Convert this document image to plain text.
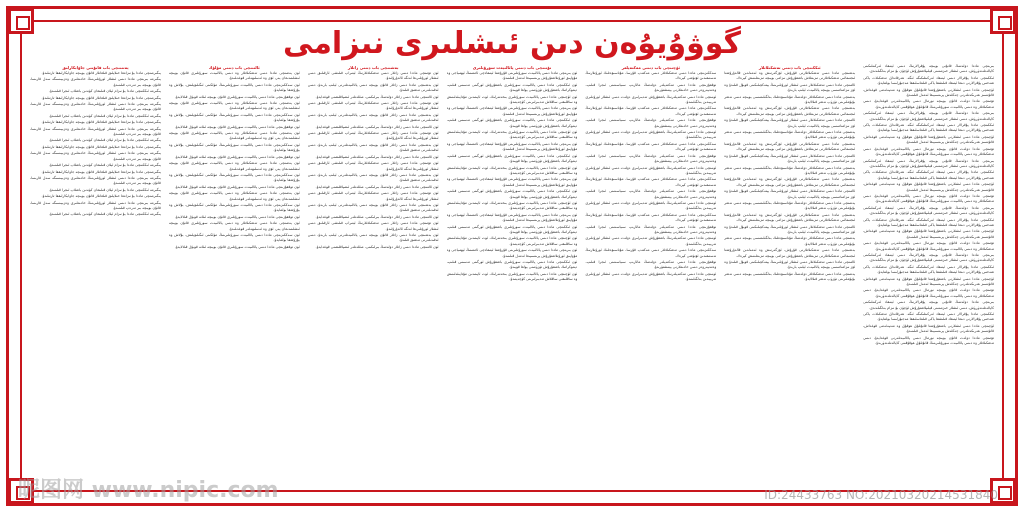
گوۋۇيۇەن دىن ئىشلىرى نىزامى
بىرىنچى ماددا دۆلەتنىڭ قانۇنى بويىچە پۇقرالارنىڭ دىنىي ئېتىقاد ئەركىنلىكىنى كاپالەتلەندۈرۈش، دىنىي ئىشلار خىزمىتىنى قېلىپلاشتۇرۇش ئۈچۈن بۇ نىزام بەلگىلەندى.
ئىككىنچى ماددا پۇقرالار دىنىي ئېتىقاد ئەركىنلىكىگە ئىگە. ھەرقانداق تەشكىلات ياكى شەخس پۇقرالارنى دىنغا ئېتىقاد قىلىشقا ياكى قىلماسلىققا مەجبۇرلىسا بولمايدۇ.
ئۈچىنچى ماددا دىنىي ئىشلارنى باشقۇرۇشتا قانۇنلۇق ھوقۇق ۋە مەنپەئەتنى قوغداش، قانۇنسىز ھەرىكەتلەرنى چەكلەش پرىنسىپىغا ئەمەل قىلىنىدۇ.
تۆتىنچى ماددا دۆلەت قانۇن بويىچە نورمال دىنىي پائالىيەتلەرنى قوغدايدۇ، دىنىي تەشكىلاتلار ۋە دىنىي پائالىيەت سورۇنلىرىنىڭ قانۇنلۇق ھوقۇقىنى كاپالەتلەندۈرىدۇ.
بىرىنچى ماددا دۆلەتنىڭ قانۇنى بويىچە پۇقرالارنىڭ دىنىي ئېتىقاد ئەركىنلىكىنى كاپالەتلەندۈرۈش، دىنىي ئىشلار خىزمىتىنى قېلىپلاشتۇرۇش ئۈچۈن بۇ نىزام بەلگىلەندى.
ئىككىنچى ماددا پۇقرالار دىنىي ئېتىقاد ئەركىنلىكىگە ئىگە. ھەرقانداق تەشكىلات ياكى شەخس پۇقرالارنى دىنغا ئېتىقاد قىلىشقا ياكى قىلماسلىققا مەجبۇرلىسا بولمايدۇ.
ئۈچىنچى ماددا دىنىي ئىشلارنى باشقۇرۇشتا قانۇنلۇق ھوقۇق ۋە مەنپەئەتنى قوغداش، قانۇنسىز ھەرىكەتلەرنى چەكلەش پرىنسىپىغا ئەمەل قىلىنىدۇ.
تۆتىنچى ماددا دۆلەت قانۇن بويىچە نورمال دىنىي پائالىيەتلەرنى قوغدايدۇ، دىنىي تەشكىلاتلار ۋە دىنىي پائالىيەت سورۇنلىرىنىڭ قانۇنلۇق ھوقۇقىنى كاپالەتلەندۈرىدۇ.
بىرىنچى ماددا دۆلەتنىڭ قانۇنى بويىچە پۇقرالارنىڭ دىنىي ئېتىقاد ئەركىنلىكىنى كاپالەتلەندۈرۈش، دىنىي ئىشلار خىزمىتىنى قېلىپلاشتۇرۇش ئۈچۈن بۇ نىزام بەلگىلەندى.
ئىككىنچى ماددا پۇقرالار دىنىي ئېتىقاد ئەركىنلىكىگە ئىگە. ھەرقانداق تەشكىلات ياكى شەخس پۇقرالارنى دىنغا ئېتىقاد قىلىشقا ياكى قىلماسلىققا مەجبۇرلىسا بولمايدۇ.
ئۈچىنچى ماددا دىنىي ئىشلارنى باشقۇرۇشتا قانۇنلۇق ھوقۇق ۋە مەنپەئەتنى قوغداش، قانۇنسىز ھەرىكەتلەرنى چەكلەش پرىنسىپىغا ئەمەل قىلىنىدۇ.
تۆتىنچى ماددا دۆلەت قانۇن بويىچە نورمال دىنىي پائالىيەتلەرنى قوغدايدۇ، دىنىي تەشكىلاتلار ۋە دىنىي پائالىيەت سورۇنلىرىنىڭ قانۇنلۇق ھوقۇقىنى كاپالەتلەندۈرىدۇ.
بىرىنچى ماددا دۆلەتنىڭ قانۇنى بويىچە پۇقرالارنىڭ دىنىي ئېتىقاد ئەركىنلىكىنى كاپالەتلەندۈرۈش، دىنىي ئىشلار خىزمىتىنى قېلىپلاشتۇرۇش ئۈچۈن بۇ نىزام بەلگىلەندى.
ئىككىنچى ماددا پۇقرالار دىنىي ئېتىقاد ئەركىنلىكىگە ئىگە. ھەرقانداق تەشكىلات ياكى شەخس پۇقرالارنى دىنغا ئېتىقاد قىلىشقا ياكى قىلماسلىققا مەجبۇرلىسا بولمايدۇ.
ئۈچىنچى ماددا دىنىي ئىشلارنى باشقۇرۇشتا قانۇنلۇق ھوقۇق ۋە مەنپەئەتنى قوغداش، قانۇنسىز ھەرىكەتلەرنى چەكلەش پرىنسىپىغا ئەمەل قىلىنىدۇ.
تۆتىنچى ماددا دۆلەت قانۇن بويىچە نورمال دىنىي پائالىيەتلەرنى قوغدايدۇ، دىنىي تەشكىلاتلار ۋە دىنىي پائالىيەت سورۇنلىرىنىڭ قانۇنلۇق ھوقۇقىنى كاپالەتلەندۈرىدۇ.
بىرىنچى ماددا دۆلەتنىڭ قانۇنى بويىچە پۇقرالارنىڭ دىنىي ئېتىقاد ئەركىنلىكىنى كاپالەتلەندۈرۈش، دىنىي ئىشلار خىزمىتىنى قېلىپلاشتۇرۇش ئۈچۈن بۇ نىزام بەلگىلەندى.
ئىككىنچى ماددا پۇقرالار دىنىي ئېتىقاد ئەركىنلىكىگە ئىگە. ھەرقانداق تەشكىلات ياكى شەخس پۇقرالارنى دىنغا ئېتىقاد قىلىشقا ياكى قىلماسلىققا مەجبۇرلىسا بولمايدۇ.
ئۈچىنچى ماددا دىنىي ئىشلارنى باشقۇرۇشتا قانۇنلۇق ھوقۇق ۋە مەنپەئەتنى قوغداش، قانۇنسىز ھەرىكەتلەرنى چەكلەش پرىنسىپىغا ئەمەل قىلىنىدۇ.
تۆتىنچى ماددا دۆلەت قانۇن بويىچە نورمال دىنىي پائالىيەتلەرنى قوغدايدۇ، دىنىي تەشكىلاتلار ۋە دىنىي پائالىيەت سورۇنلىرىنىڭ قانۇنلۇق ھوقۇقىنى كاپالەتلەندۈرىدۇ.
بىرىنچى ماددا دۆلەتنىڭ قانۇنى بويىچە پۇقرالارنىڭ دىنىي ئېتىقاد ئەركىنلىكىنى كاپالەتلەندۈرۈش، دىنىي ئىشلار خىزمىتىنى قېلىپلاشتۇرۇش ئۈچۈن بۇ نىزام بەلگىلەندى.
ئىككىنچى ماددا پۇقرالار دىنىي ئېتىقاد ئەركىنلىكىگە ئىگە. ھەرقانداق تەشكىلات ياكى شەخس پۇقرالارنى دىنغا ئېتىقاد قىلىشقا ياكى قىلماسلىققا مەجبۇرلىسا بولمايدۇ.
ئۈچىنچى ماددا دىنىي ئىشلارنى باشقۇرۇشتا قانۇنلۇق ھوقۇق ۋە مەنپەئەتنى قوغداش، قانۇنسىز ھەرىكەتلەرنى چەكلەش پرىنسىپىغا ئەمەل قىلىنىدۇ.
تۆتىنچى ماددا دۆلەت قانۇن بويىچە نورمال دىنىي پائالىيەتلەرنى قوغدايدۇ، دىنىي تەشكىلاتلار ۋە دىنىي پائالىيەت سورۇنلىرىنىڭ قانۇنلۇق ھوقۇقىنى كاپالەتلەندۈرىدۇ.
ئىككىنچى باب دىنىي تەشكىلاتلار
بەشىنچى ماددا دىنىي تەشكىلاتلارنى قۇرۇش، ئۆزگەرتىش ۋە ئەمەلدىن قالدۇرۇشتا ئىجتىمائىي تەشكىلاتلارنى تىزىملاش باشقۇرۇش نىزامى بويىچە تىزىملىتىش كېرەك.
ئالتىنچى ماددا دىنىي تەشكىلاتلار دىنىي ئىشلار ئورۇنلىرىنىڭ يېتەكچىلىكىنى قوبۇل قىلىدۇ ۋە ئۆز نىزامنامىسى بويىچە پائالىيەت ئېلىپ بارىدۇ.
يەتتىنچى ماددا دىنىي تەشكىلاتلار دۆلەتنىڭ مۇناسىۋەتلىك بەلگىلىمىسى بويىچە دىنىي نەشر بۇيۇملىرىنى تۈزۈپ نەشر قىلالايدۇ.
بەشىنچى ماددا دىنىي تەشكىلاتلارنى قۇرۇش، ئۆزگەرتىش ۋە ئەمەلدىن قالدۇرۇشتا ئىجتىمائىي تەشكىلاتلارنى تىزىملاش باشقۇرۇش نىزامى بويىچە تىزىملىتىش كېرەك.
ئالتىنچى ماددا دىنىي تەشكىلاتلار دىنىي ئىشلار ئورۇنلىرىنىڭ يېتەكچىلىكىنى قوبۇل قىلىدۇ ۋە ئۆز نىزامنامىسى بويىچە پائالىيەت ئېلىپ بارىدۇ.
يەتتىنچى ماددا دىنىي تەشكىلاتلار دۆلەتنىڭ مۇناسىۋەتلىك بەلگىلىمىسى بويىچە دىنىي نەشر بۇيۇملىرىنى تۈزۈپ نەشر قىلالايدۇ.
بەشىنچى ماددا دىنىي تەشكىلاتلارنى قۇرۇش، ئۆزگەرتىش ۋە ئەمەلدىن قالدۇرۇشتا ئىجتىمائىي تەشكىلاتلارنى تىزىملاش باشقۇرۇش نىزامى بويىچە تىزىملىتىش كېرەك.
ئالتىنچى ماددا دىنىي تەشكىلاتلار دىنىي ئىشلار ئورۇنلىرىنىڭ يېتەكچىلىكىنى قوبۇل قىلىدۇ ۋە ئۆز نىزامنامىسى بويىچە پائالىيەت ئېلىپ بارىدۇ.
يەتتىنچى ماددا دىنىي تەشكىلاتلار دۆلەتنىڭ مۇناسىۋەتلىك بەلگىلىمىسى بويىچە دىنىي نەشر بۇيۇملىرىنى تۈزۈپ نەشر قىلالايدۇ.
بەشىنچى ماددا دىنىي تەشكىلاتلارنى قۇرۇش، ئۆزگەرتىش ۋە ئەمەلدىن قالدۇرۇشتا ئىجتىمائىي تەشكىلاتلارنى تىزىملاش باشقۇرۇش نىزامى بويىچە تىزىملىتىش كېرەك.
ئالتىنچى ماددا دىنىي تەشكىلاتلار دىنىي ئىشلار ئورۇنلىرىنىڭ يېتەكچىلىكىنى قوبۇل قىلىدۇ ۋە ئۆز نىزامنامىسى بويىچە پائالىيەت ئېلىپ بارىدۇ.
يەتتىنچى ماددا دىنىي تەشكىلاتلار دۆلەتنىڭ مۇناسىۋەتلىك بەلگىلىمىسى بويىچە دىنىي نەشر بۇيۇملىرىنى تۈزۈپ نەشر قىلالايدۇ.
بەشىنچى ماددا دىنىي تەشكىلاتلارنى قۇرۇش، ئۆزگەرتىش ۋە ئەمەلدىن قالدۇرۇشتا ئىجتىمائىي تەشكىلاتلارنى تىزىملاش باشقۇرۇش نىزامى بويىچە تىزىملىتىش كېرەك.
ئالتىنچى ماددا دىنىي تەشكىلاتلار دىنىي ئىشلار ئورۇنلىرىنىڭ يېتەكچىلىكىنى قوبۇل قىلىدۇ ۋە ئۆز نىزامنامىسى بويىچە پائالىيەت ئېلىپ بارىدۇ.
يەتتىنچى ماددا دىنىي تەشكىلاتلار دۆلەتنىڭ مۇناسىۋەتلىك بەلگىلىمىسى بويىچە دىنىي نەشر بۇيۇملىرىنى تۈزۈپ نەشر قىلالايدۇ.
بەشىنچى ماددا دىنىي تەشكىلاتلارنى قۇرۇش، ئۆزگەرتىش ۋە ئەمەلدىن قالدۇرۇشتا ئىجتىمائىي تەشكىلاتلارنى تىزىملاش باشقۇرۇش نىزامى بويىچە تىزىملىتىش كېرەك.
ئالتىنچى ماددا دىنىي تەشكىلاتلار دىنىي ئىشلار ئورۇنلىرىنىڭ يېتەكچىلىكىنى قوبۇل قىلىدۇ ۋە ئۆز نىزامنامىسى بويىچە پائالىيەت ئېلىپ بارىدۇ.
يەتتىنچى ماددا دىنىي تەشكىلاتلار دۆلەتنىڭ مۇناسىۋەتلىك بەلگىلىمىسى بويىچە دىنىي نەشر بۇيۇملىرىنى تۈزۈپ نەشر قىلالايدۇ.
ئۈچىنچى باب دىنىي مەكتەپلەر
سەككىزىنچى ماددا دىنىي تەشكىلاتلار دىنىي مەكتەپ قۇرسا، مۇناسىۋەتلىك ئورۇنلارنىڭ تەستىقىدىن ئۆتۈشى كېرەك.
توققۇزىنچى ماددا دىنىي مەكتەپلەر دۆلەتنىڭ مائارىپ سىياسىتىنى ئىجرا قىلىپ، ۋەتەنپەرۋەر دىنىي خادىملارنى يېتىشتۈرىدۇ.
ئونىنچى ماددا دىنىي مەكتەپلەرنىڭ باشقۇرۇش تەدبىرلىرى دۆلەت دىنىي ئىشلار ئورۇنلىرى تەرىپىدىن بەلگىلىنىدۇ.
سەككىزىنچى ماددا دىنىي تەشكىلاتلار دىنىي مەكتەپ قۇرسا، مۇناسىۋەتلىك ئورۇنلارنىڭ تەستىقىدىن ئۆتۈشى كېرەك.
توققۇزىنچى ماددا دىنىي مەكتەپلەر دۆلەتنىڭ مائارىپ سىياسىتىنى ئىجرا قىلىپ، ۋەتەنپەرۋەر دىنىي خادىملارنى يېتىشتۈرىدۇ.
ئونىنچى ماددا دىنىي مەكتەپلەرنىڭ باشقۇرۇش تەدبىرلىرى دۆلەت دىنىي ئىشلار ئورۇنلىرى تەرىپىدىن بەلگىلىنىدۇ.
سەككىزىنچى ماددا دىنىي تەشكىلاتلار دىنىي مەكتەپ قۇرسا، مۇناسىۋەتلىك ئورۇنلارنىڭ تەستىقىدىن ئۆتۈشى كېرەك.
توققۇزىنچى ماددا دىنىي مەكتەپلەر دۆلەتنىڭ مائارىپ سىياسىتىنى ئىجرا قىلىپ، ۋەتەنپەرۋەر دىنىي خادىملارنى يېتىشتۈرىدۇ.
ئونىنچى ماددا دىنىي مەكتەپلەرنىڭ باشقۇرۇش تەدبىرلىرى دۆلەت دىنىي ئىشلار ئورۇنلىرى تەرىپىدىن بەلگىلىنىدۇ.
سەككىزىنچى ماددا دىنىي تەشكىلاتلار دىنىي مەكتەپ قۇرسا، مۇناسىۋەتلىك ئورۇنلارنىڭ تەستىقىدىن ئۆتۈشى كېرەك.
توققۇزىنچى ماددا دىنىي مەكتەپلەر دۆلەتنىڭ مائارىپ سىياسىتىنى ئىجرا قىلىپ، ۋەتەنپەرۋەر دىنىي خادىملارنى يېتىشتۈرىدۇ.
ئونىنچى ماددا دىنىي مەكتەپلەرنىڭ باشقۇرۇش تەدبىرلىرى دۆلەت دىنىي ئىشلار ئورۇنلىرى تەرىپىدىن بەلگىلىنىدۇ.
سەككىزىنچى ماددا دىنىي تەشكىلاتلار دىنىي مەكتەپ قۇرسا، مۇناسىۋەتلىك ئورۇنلارنىڭ تەستىقىدىن ئۆتۈشى كېرەك.
توققۇزىنچى ماددا دىنىي مەكتەپلەر دۆلەتنىڭ مائارىپ سىياسىتىنى ئىجرا قىلىپ، ۋەتەنپەرۋەر دىنىي خادىملارنى يېتىشتۈرىدۇ.
ئونىنچى ماددا دىنىي مەكتەپلەرنىڭ باشقۇرۇش تەدبىرلىرى دۆلەت دىنىي ئىشلار ئورۇنلىرى تەرىپىدىن بەلگىلىنىدۇ.
سەككىزىنچى ماددا دىنىي تەشكىلاتلار دىنىي مەكتەپ قۇرسا، مۇناسىۋەتلىك ئورۇنلارنىڭ تەستىقىدىن ئۆتۈشى كېرەك.
توققۇزىنچى ماددا دىنىي مەكتەپلەر دۆلەتنىڭ مائارىپ سىياسىتىنى ئىجرا قىلىپ، ۋەتەنپەرۋەر دىنىي خادىملارنى يېتىشتۈرىدۇ.
ئونىنچى ماددا دىنىي مەكتەپلەرنىڭ باشقۇرۇش تەدبىرلىرى دۆلەت دىنىي ئىشلار ئورۇنلىرى تەرىپىدىن بەلگىلىنىدۇ.
تۆتىنچى باب دىنىي پائالىيەت سورۇنلىرى
ئون بىرىنچى ماددا دىنىي پائالىيەت سورۇنلىرىنى قۇرۇشتا ئېتىقادچى ئاممىنىڭ ئېھتىياجى ۋە مۇۋاپىق ئورۇنلاشتۇرۇش پرىنسىپىغا ئەمەل قىلىنىدۇ.
ئون ئىككىنچى ماددا دىنىي پائالىيەت سورۇنلىرى باشقۇرۇش ئورگىنى تەسىس قىلىپ، دېموكراتىك باشقۇرۇش تۈزۈمىنى يولغا قويىدۇ.
ئون ئۈچىنچى ماددا دىنىي پائالىيەت سورۇنلىرى بىخەتەرلىك، ئوت ئاپىتىدىن مۇداپىئەلىنىش ۋە ساقلىقنى ساقلاش تەدبىرلىرىنى كۈچەيتىدۇ.
ئون بىرىنچى ماددا دىنىي پائالىيەت سورۇنلىرىنى قۇرۇشتا ئېتىقادچى ئاممىنىڭ ئېھتىياجى ۋە مۇۋاپىق ئورۇنلاشتۇرۇش پرىنسىپىغا ئەمەل قىلىنىدۇ.
ئون ئىككىنچى ماددا دىنىي پائالىيەت سورۇنلىرى باشقۇرۇش ئورگىنى تەسىس قىلىپ، دېموكراتىك باشقۇرۇش تۈزۈمىنى يولغا قويىدۇ.
ئون ئۈچىنچى ماددا دىنىي پائالىيەت سورۇنلىرى بىخەتەرلىك، ئوت ئاپىتىدىن مۇداپىئەلىنىش ۋە ساقلىقنى ساقلاش تەدبىرلىرىنى كۈچەيتىدۇ.
ئون بىرىنچى ماددا دىنىي پائالىيەت سورۇنلىرىنى قۇرۇشتا ئېتىقادچى ئاممىنىڭ ئېھتىياجى ۋە مۇۋاپىق ئورۇنلاشتۇرۇش پرىنسىپىغا ئەمەل قىلىنىدۇ.
ئون ئىككىنچى ماددا دىنىي پائالىيەت سورۇنلىرى باشقۇرۇش ئورگىنى تەسىس قىلىپ، دېموكراتىك باشقۇرۇش تۈزۈمىنى يولغا قويىدۇ.
ئون ئۈچىنچى ماددا دىنىي پائالىيەت سورۇنلىرى بىخەتەرلىك، ئوت ئاپىتىدىن مۇداپىئەلىنىش ۋە ساقلىقنى ساقلاش تەدبىرلىرىنى كۈچەيتىدۇ.
ئون بىرىنچى ماددا دىنىي پائالىيەت سورۇنلىرىنى قۇرۇشتا ئېتىقادچى ئاممىنىڭ ئېھتىياجى ۋە مۇۋاپىق ئورۇنلاشتۇرۇش پرىنسىپىغا ئەمەل قىلىنىدۇ.
ئون ئىككىنچى ماددا دىنىي پائالىيەت سورۇنلىرى باشقۇرۇش ئورگىنى تەسىس قىلىپ، دېموكراتىك باشقۇرۇش تۈزۈمىنى يولغا قويىدۇ.
ئون ئۈچىنچى ماددا دىنىي پائالىيەت سورۇنلىرى بىخەتەرلىك، ئوت ئاپىتىدىن مۇداپىئەلىنىش ۋە ساقلىقنى ساقلاش تەدبىرلىرىنى كۈچەيتىدۇ.
ئون بىرىنچى ماددا دىنىي پائالىيەت سورۇنلىرىنى قۇرۇشتا ئېتىقادچى ئاممىنىڭ ئېھتىياجى ۋە مۇۋاپىق ئورۇنلاشتۇرۇش پرىنسىپىغا ئەمەل قىلىنىدۇ.
ئون ئىككىنچى ماددا دىنىي پائالىيەت سورۇنلىرى باشقۇرۇش ئورگىنى تەسىس قىلىپ، دېموكراتىك باشقۇرۇش تۈزۈمىنى يولغا قويىدۇ.
ئون ئۈچىنچى ماددا دىنىي پائالىيەت سورۇنلىرى بىخەتەرلىك، ئوت ئاپىتىدىن مۇداپىئەلىنىش ۋە ساقلىقنى ساقلاش تەدبىرلىرىنى كۈچەيتىدۇ.
ئون بىرىنچى ماددا دىنىي پائالىيەت سورۇنلىرىنى قۇرۇشتا ئېتىقادچى ئاممىنىڭ ئېھتىياجى ۋە مۇۋاپىق ئورۇنلاشتۇرۇش پرىنسىپىغا ئەمەل قىلىنىدۇ.
ئون ئىككىنچى ماددا دىنىي پائالىيەت سورۇنلىرى باشقۇرۇش ئورگىنى تەسىس قىلىپ، دېموكراتىك باشقۇرۇش تۈزۈمىنى يولغا قويىدۇ.
ئون ئۈچىنچى ماددا دىنىي پائالىيەت سورۇنلىرى بىخەتەرلىك، ئوت ئاپىتىدىن مۇداپىئەلىنىش ۋە ساقلىقنى ساقلاش تەدبىرلىرىنى كۈچەيتىدۇ.
بەشىنچى باب دىنىي زاتلار
ئون تۆتىنچى ماددا دىنىي زاتلار دىنىي تەشكىلاتلارنىڭ ئېتىراپ قىلىشى ئارقىلىق دىنىي ئىشلار ئورۇنلىرىغا ئەنگە ئالدۇرۇلىدۇ.
ئون بەشىنچى ماددا دىنىي زاتلار قانۇن بويىچە دىنىي پائالىيەتلەرنى ئېلىپ بارىدۇ، دىنىي ئەقىدىلەرنى تەتقىق قىلىدۇ.
ئون ئالتىنچى ماددا دىنىي زاتلار دۆلەتنىڭ بىرلىكىنى، مىللەتلەر ئىتتىپاقلىقىنى قوغدايدۇ.
ئون تۆتىنچى ماددا دىنىي زاتلار دىنىي تەشكىلاتلارنىڭ ئېتىراپ قىلىشى ئارقىلىق دىنىي ئىشلار ئورۇنلىرىغا ئەنگە ئالدۇرۇلىدۇ.
ئون بەشىنچى ماددا دىنىي زاتلار قانۇن بويىچە دىنىي پائالىيەتلەرنى ئېلىپ بارىدۇ، دىنىي ئەقىدىلەرنى تەتقىق قىلىدۇ.
ئون ئالتىنچى ماددا دىنىي زاتلار دۆلەتنىڭ بىرلىكىنى، مىللەتلەر ئىتتىپاقلىقىنى قوغدايدۇ.
ئون تۆتىنچى ماددا دىنىي زاتلار دىنىي تەشكىلاتلارنىڭ ئېتىراپ قىلىشى ئارقىلىق دىنىي ئىشلار ئورۇنلىرىغا ئەنگە ئالدۇرۇلىدۇ.
ئون بەشىنچى ماددا دىنىي زاتلار قانۇن بويىچە دىنىي پائالىيەتلەرنى ئېلىپ بارىدۇ، دىنىي ئەقىدىلەرنى تەتقىق قىلىدۇ.
ئون ئالتىنچى ماددا دىنىي زاتلار دۆلەتنىڭ بىرلىكىنى، مىللەتلەر ئىتتىپاقلىقىنى قوغدايدۇ.
ئون تۆتىنچى ماددا دىنىي زاتلار دىنىي تەشكىلاتلارنىڭ ئېتىراپ قىلىشى ئارقىلىق دىنىي ئىشلار ئورۇنلىرىغا ئەنگە ئالدۇرۇلىدۇ.
ئون بەشىنچى ماددا دىنىي زاتلار قانۇن بويىچە دىنىي پائالىيەتلەرنى ئېلىپ بارىدۇ، دىنىي ئەقىدىلەرنى تەتقىق قىلىدۇ.
ئون ئالتىنچى ماددا دىنىي زاتلار دۆلەتنىڭ بىرلىكىنى، مىللەتلەر ئىتتىپاقلىقىنى قوغدايدۇ.
ئون تۆتىنچى ماددا دىنىي زاتلار دىنىي تەشكىلاتلارنىڭ ئېتىراپ قىلىشى ئارقىلىق دىنىي ئىشلار ئورۇنلىرىغا ئەنگە ئالدۇرۇلىدۇ.
ئون بەشىنچى ماددا دىنىي زاتلار قانۇن بويىچە دىنىي پائالىيەتلەرنى ئېلىپ بارىدۇ، دىنىي ئەقىدىلەرنى تەتقىق قىلىدۇ.
ئون ئالتىنچى ماددا دىنىي زاتلار دۆلەتنىڭ بىرلىكىنى، مىللەتلەر ئىتتىپاقلىقىنى قوغدايدۇ.
ئون تۆتىنچى ماددا دىنىي زاتلار دىنىي تەشكىلاتلارنىڭ ئېتىراپ قىلىشى ئارقىلىق دىنىي ئىشلار ئورۇنلىرىغا ئەنگە ئالدۇرۇلىدۇ.
ئون بەشىنچى ماددا دىنىي زاتلار قانۇن بويىچە دىنىي پائالىيەتلەرنى ئېلىپ بارىدۇ، دىنىي ئەقىدىلەرنى تەتقىق قىلىدۇ.
ئون ئالتىنچى ماددا دىنىي زاتلار دۆلەتنىڭ بىرلىكىنى، مىللەتلەر ئىتتىپاقلىقىنى قوغدايدۇ.
ئالتىنچى باب دىنىي مۈلۈك
ئون يەتتىنچى ماددا دىنىي تەشكىلاتلار ۋە دىنىي پائالىيەت سورۇنلىرى قانۇن بويىچە ئىشلىتىدىغان يەر، ئۆي ۋە ئەسلىھەلەر قوغدىلىدۇ.
ئون سەككىزىنچى ماددا دىنىي پائالىيەت سورۇنلىرىنىڭ مۈلكىنى ئىگىلىۋېلىش، بۇلاش ۋە بۇزۇشقا بولمايدۇ.
ئون توققۇزىنچى ماددا دىنىي پائالىيەت سورۇنلىرى قانۇن بويىچە ئىئانە قوبۇل قىلالايدۇ.
ئون يەتتىنچى ماددا دىنىي تەشكىلاتلار ۋە دىنىي پائالىيەت سورۇنلىرى قانۇن بويىچە ئىشلىتىدىغان يەر، ئۆي ۋە ئەسلىھەلەر قوغدىلىدۇ.
ئون سەككىزىنچى ماددا دىنىي پائالىيەت سورۇنلىرىنىڭ مۈلكىنى ئىگىلىۋېلىش، بۇلاش ۋە بۇزۇشقا بولمايدۇ.
ئون توققۇزىنچى ماددا دىنىي پائالىيەت سورۇنلىرى قانۇن بويىچە ئىئانە قوبۇل قىلالايدۇ.
ئون يەتتىنچى ماددا دىنىي تەشكىلاتلار ۋە دىنىي پائالىيەت سورۇنلىرى قانۇن بويىچە ئىشلىتىدىغان يەر، ئۆي ۋە ئەسلىھەلەر قوغدىلىدۇ.
ئون سەككىزىنچى ماددا دىنىي پائالىيەت سورۇنلىرىنىڭ مۈلكىنى ئىگىلىۋېلىش، بۇلاش ۋە بۇزۇشقا بولمايدۇ.
ئون توققۇزىنچى ماددا دىنىي پائالىيەت سورۇنلىرى قانۇن بويىچە ئىئانە قوبۇل قىلالايدۇ.
ئون يەتتىنچى ماددا دىنىي تەشكىلاتلار ۋە دىنىي پائالىيەت سورۇنلىرى قانۇن بويىچە ئىشلىتىدىغان يەر، ئۆي ۋە ئەسلىھەلەر قوغدىلىدۇ.
ئون سەككىزىنچى ماددا دىنىي پائالىيەت سورۇنلىرىنىڭ مۈلكىنى ئىگىلىۋېلىش، بۇلاش ۋە بۇزۇشقا بولمايدۇ.
ئون توققۇزىنچى ماددا دىنىي پائالىيەت سورۇنلىرى قانۇن بويىچە ئىئانە قوبۇل قىلالايدۇ.
ئون يەتتىنچى ماددا دىنىي تەشكىلاتلار ۋە دىنىي پائالىيەت سورۇنلىرى قانۇن بويىچە ئىشلىتىدىغان يەر، ئۆي ۋە ئەسلىھەلەر قوغدىلىدۇ.
ئون سەككىزىنچى ماددا دىنىي پائالىيەت سورۇنلىرىنىڭ مۈلكىنى ئىگىلىۋېلىش، بۇلاش ۋە بۇزۇشقا بولمايدۇ.
ئون توققۇزىنچى ماددا دىنىي پائالىيەت سورۇنلىرى قانۇن بويىچە ئىئانە قوبۇل قىلالايدۇ.
ئون يەتتىنچى ماددا دىنىي تەشكىلاتلار ۋە دىنىي پائالىيەت سورۇنلىرى قانۇن بويىچە ئىشلىتىدىغان يەر، ئۆي ۋە ئەسلىھەلەر قوغدىلىدۇ.
ئون سەككىزىنچى ماددا دىنىي پائالىيەت سورۇنلىرىنىڭ مۈلكىنى ئىگىلىۋېلىش، بۇلاش ۋە بۇزۇشقا بولمايدۇ.
ئون توققۇزىنچى ماددا دىنىي پائالىيەت سورۇنلىرى قانۇن بويىچە ئىئانە قوبۇل قىلالايدۇ.
يەتتىنچى باب قانۇنىي جاۋابكارلىق
يىگىرمىنچى ماددا بۇ نىزامغا خىلاپلىق قىلغانلار قانۇن بويىچە جاۋابكارلىققا تارتىلىدۇ.
يىگىرمە بىرىنچى ماددا دىنىي ئىشلار ئورۇنلىرىنىڭ خادىملىرى ۋەزىپىسىگە سەل قارىسا، قانۇن بويىچە بىر تەرەپ قىلىنىدۇ.
يىگىرمە ئىككىنچى ماددا بۇ نىزام ئېلان قىلىنغان كۈندىن باشلاپ ئىجرا قىلىنىدۇ.
يىگىرمىنچى ماددا بۇ نىزامغا خىلاپلىق قىلغانلار قانۇن بويىچە جاۋابكارلىققا تارتىلىدۇ.
يىگىرمە بىرىنچى ماددا دىنىي ئىشلار ئورۇنلىرىنىڭ خادىملىرى ۋەزىپىسىگە سەل قارىسا، قانۇن بويىچە بىر تەرەپ قىلىنىدۇ.
يىگىرمە ئىككىنچى ماددا بۇ نىزام ئېلان قىلىنغان كۈندىن باشلاپ ئىجرا قىلىنىدۇ.
يىگىرمىنچى ماددا بۇ نىزامغا خىلاپلىق قىلغانلار قانۇن بويىچە جاۋابكارلىققا تارتىلىدۇ.
يىگىرمە بىرىنچى ماددا دىنىي ئىشلار ئورۇنلىرىنىڭ خادىملىرى ۋەزىپىسىگە سەل قارىسا، قانۇن بويىچە بىر تەرەپ قىلىنىدۇ.
يىگىرمە ئىككىنچى ماددا بۇ نىزام ئېلان قىلىنغان كۈندىن باشلاپ ئىجرا قىلىنىدۇ.
يىگىرمىنچى ماددا بۇ نىزامغا خىلاپلىق قىلغانلار قانۇن بويىچە جاۋابكارلىققا تارتىلىدۇ.
يىگىرمە بىرىنچى ماددا دىنىي ئىشلار ئورۇنلىرىنىڭ خادىملىرى ۋەزىپىسىگە سەل قارىسا، قانۇن بويىچە بىر تەرەپ قىلىنىدۇ.
يىگىرمە ئىككىنچى ماددا بۇ نىزام ئېلان قىلىنغان كۈندىن باشلاپ ئىجرا قىلىنىدۇ.
يىگىرمىنچى ماددا بۇ نىزامغا خىلاپلىق قىلغانلار قانۇن بويىچە جاۋابكارلىققا تارتىلىدۇ.
يىگىرمە بىرىنچى ماددا دىنىي ئىشلار ئورۇنلىرىنىڭ خادىملىرى ۋەزىپىسىگە سەل قارىسا، قانۇن بويىچە بىر تەرەپ قىلىنىدۇ.
يىگىرمە ئىككىنچى ماددا بۇ نىزام ئېلان قىلىنغان كۈندىن باشلاپ ئىجرا قىلىنىدۇ.
يىگىرمىنچى ماددا بۇ نىزامغا خىلاپلىق قىلغانلار قانۇن بويىچە جاۋابكارلىققا تارتىلىدۇ.
يىگىرمە بىرىنچى ماددا دىنىي ئىشلار ئورۇنلىرىنىڭ خادىملىرى ۋەزىپىسىگە سەل قارىسا، قانۇن بويىچە بىر تەرەپ قىلىنىدۇ.
يىگىرمە ئىككىنچى ماددا بۇ نىزام ئېلان قىلىنغان كۈندىن باشلاپ ئىجرا قىلىنىدۇ.
昵图网 www.nipic.com	ID:24433763 NO:20210320214531840
